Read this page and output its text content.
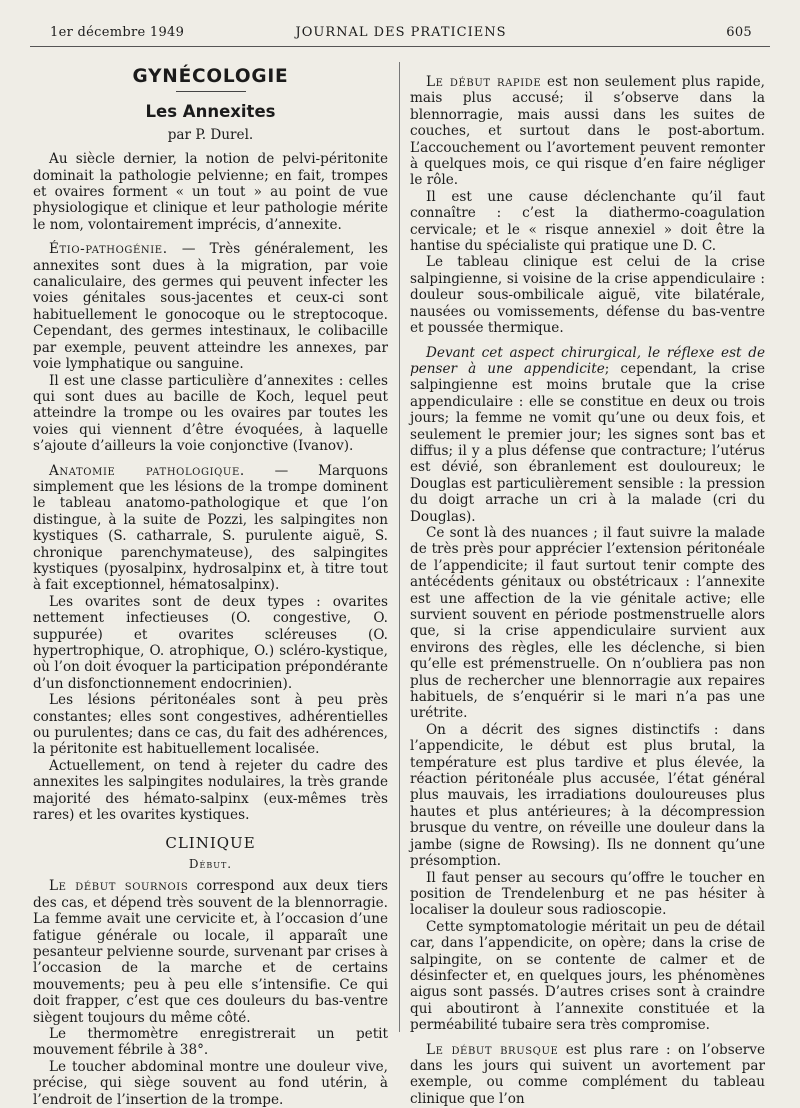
1er décembre 1949	JOURNAL DES PRATICIENS	605
GYNÉCOLOGIE
Les Annexites
par P. Durel.

Au siècle dernier, la notion de pelvi-péritonite dominait la pathologie pelvienne; en fait, trompes et ovaires forment « un tout » au point de vue physiologique et clinique et leur pathologie mérite le nom, volontairement imprécis, d’annexite.

Étio-pathogénie. — Très généralement, les annexites sont dues à la migration, par voie canaliculaire, des germes qui peuvent infecter les voies génitales sous-jacentes et ceux-ci sont habituellement le gonocoque ou le streptocoque. Cependant, des germes intestinaux, le colibacille par exemple, peuvent atteindre les annexes, par voie lymphatique ou sanguine.

Il est une classe particulière d’annexites : celles qui sont dues au bacille de Koch, lequel peut atteindre la trompe ou les ovaires par toutes les voies qui viennent d’être évoquées, à laquelle s’ajoute d’ailleurs la voie conjonctive (Ivanov).

Anatomie pathologique. — Marquons simplement que les lésions de la trompe dominent le tableau anatomo-pathologique et que l’on distingue, à la suite de Pozzi, les salpingites non kystiques (S. catharrale, S. purulente aiguë, S. chronique parenchymateuse), des salpingites kystiques (pyosalpinx, hydrosalpinx et, à titre tout à fait exceptionnel, hématosalpinx).

Les ovarites sont de deux types : ovarites nettement infectieuses (O. congestive, O. suppurée) et ovarites scléreuses (O. hypertrophique, O. atrophique, O.) scléro-kystique, où l’on doit évoquer la participation prépondérante d’un disfonctionnement endocrinien).

Les lésions péritonéales sont à peu près constantes; elles sont congestives, adhérentielles ou purulentes; dans ce cas, du fait des adhérences, la péritonite est habituellement localisée.

Actuellement, on tend à rejeter du cadre des annexites les salpingites nodulaires, la très grande majorité des hémato-salpinx (eux-mêmes très rares) et les ovarites kystiques.

CLINIQUE
Début.

Le début sournois correspond aux deux tiers des cas, et dépend très souvent de la blennorragie. La femme avait une cervicite et, à l’occasion d’une fatigue générale ou locale, il apparaît une pesanteur pelvienne sourde, survenant par crises à l’occasion de la marche et de certains mouvements; peu à peu elle s’intensifie. Ce qui doit frapper, c’est que ces douleurs du bas-ventre siègent toujours du même côté.

Le thermomètre enregistrerait un petit mouvement fébrile à 38°.

Le toucher abdominal montre une douleur vive, précise, qui siège souvent au fond utérin, à l’endroit de l’insertion de la trompe.

Le début rapide est non seulement plus rapide, mais plus accusé; il s’observe dans la blennorragie, mais aussi dans les suites de couches, et surtout dans le post-abortum. L’accouchement ou l’avortement peuvent remonter à quelques mois, ce qui risque d’en faire négliger le rôle.

Il est une cause déclenchante qu’il faut connaître : c’est la diathermo-coagulation cervicale; et le « risque annexiel » doit être la hantise du spécialiste qui pratique une D. C.

Le tableau clinique est celui de la crise salpingienne, si voisine de la crise appendiculaire : douleur sous-ombilicale aiguë, vite bilatérale, nausées ou vomissements, défense du bas-ventre et poussée thermique.

Devant cet aspect chirurgical, le réflexe est de penser à une appendicite; cependant, la crise salpingienne est moins brutale que la crise appendiculaire : elle se constitue en deux ou trois jours; la femme ne vomit qu’une ou deux fois, et seulement le premier jour; les signes sont bas et diffus; il y a plus défense que contracture; l’utérus est dévié, son ébranlement est douloureux; le Douglas est particulièrement sensible : la pression du doigt arrache un cri à la malade (cri du Douglas).

Ce sont là des nuances ; il faut suivre la malade de très près pour apprécier l’extension péritonéale de l’appendicite; il faut surtout tenir compte des antécédents génitaux ou obstétricaux : l’annexite est une affection de la vie génitale active; elle survient souvent en période postmenstruelle alors que, si la crise appendiculaire survient aux environs des règles, elle les déclenche, si bien qu’elle est prémenstruelle. On n’oubliera pas non plus de rechercher une blennorragie aux repaires habituels, de s’enquérir si le mari n’a pas une urétrite.

On a décrit des signes distinctifs : dans l’appendicite, le début est plus brutal, la température est plus tardive et plus élevée, la réaction péritonéale plus accusée, l’état général plus mauvais, les irradiations douloureuses plus hautes et plus antérieures; à la décompression brusque du ventre, on réveille une douleur dans la jambe (signe de Rowsing). Ils ne donnent qu’une présomption.

Il faut penser au secours qu’offre le toucher en position de Trendelenburg et ne pas hésiter à localiser la douleur sous radioscopie.

Cette symptomatologie méritait un peu de détail car, dans l’appendicite, on opère; dans la crise de salpingite, on se contente de calmer et de désinfecter et, en quelques jours, les phénomènes aigus sont passés. D’autres crises sont à craindre qui aboutiront à l’annexite constituée et la perméabilité tubaire sera très compromise.

Le début brusque est plus rare : on l’observe dans les jours qui suivent un avortement par exemple, ou comme complément du tableau clinique que l’on
